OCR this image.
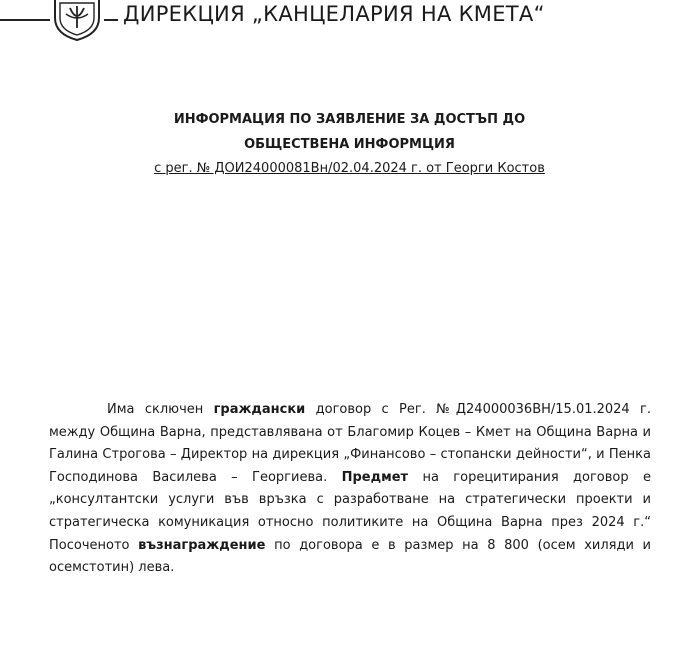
ДИРЕКЦИЯ „КАНЦЕЛАРИЯ НА КМЕТА“
ИНФОРМАЦИЯ ПО ЗАЯВЛЕНИЕ ЗА ДОСТЪП ДО
ОБЩЕСТВЕНА ИНФОРМЦИЯ
с рег. № ДОИ24000081Вн/02.04.2024 г. от Георги Костов

Има сключен граждански договор с Рег. №Д24000036ВН/15.01.2024 г. между Община Варна, представлявана от Благомир Коцев – Кмет на Община Варна и Галина Строгова – Директор на дирекция „Финансово – стопански дейности“, и Пенка Господинова Василева – Георгиева. Предмет на горецитирания договор е „консултантски услуги във връзка с разработване на стратегически проекти и стратегическа комуникация относно политиките на Община Варна през 2024 г.“ Посоченото възнаграждение по договора е в размер на 8 800 (осем хиляди и осемстотин) лева.
